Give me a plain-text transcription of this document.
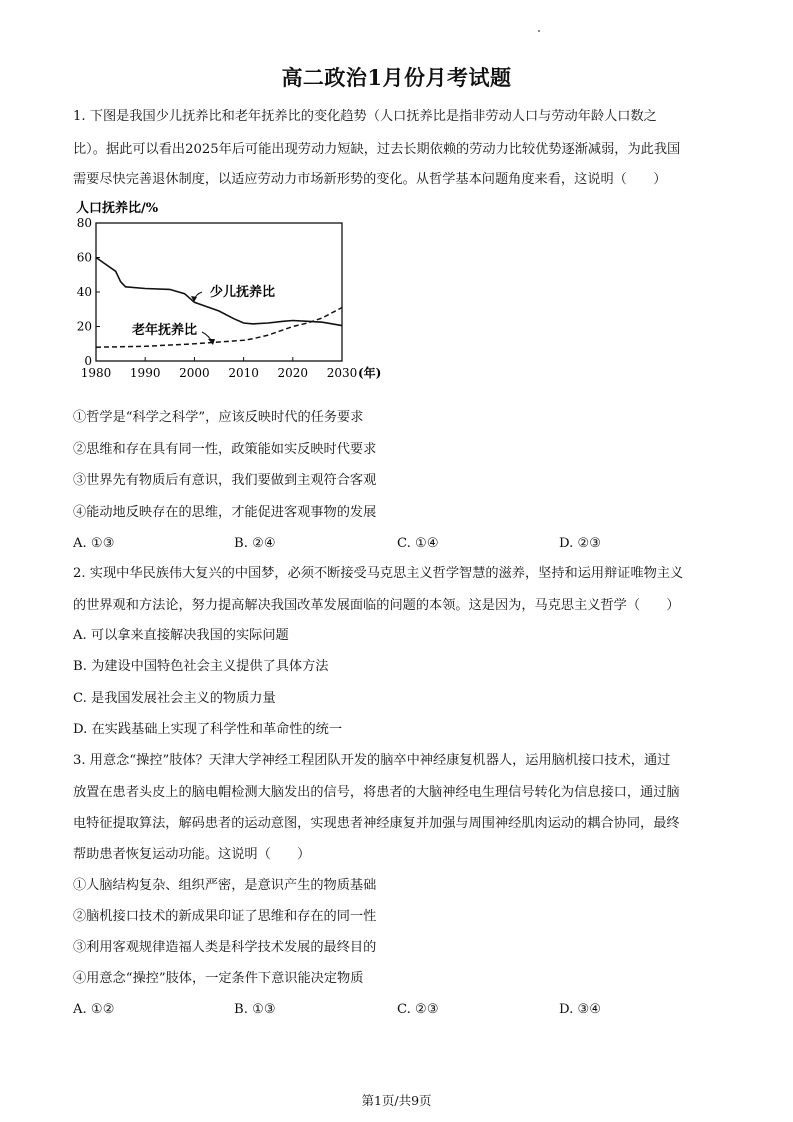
高二政治1月份月考试题
1. 下图是我国少儿抚养比和老年抚养比的变化趋势（人口抚养比是指非劳动人口与劳动年龄人口数之
比）。据此可以看出2025年后可能出现劳动力短缺，过去长期依赖的劳动力比较优势逐渐减弱，为此我国
需要尽快完善退休制度，以适应劳动力市场新形势的变化。从哲学基本问题角度来看，这说明（　　）
人口抚养比/%
0
20
40
60
80
1980 1990 2000 2010 2020 2030
少儿抚养比
老年抚养比
(年)
①哲学是“科学之科学”，应该反映时代的任务要求
②思维和存在具有同一性，政策能如实反映时代要求
③世界先有物质后有意识，我们要做到主观符合客观
④能动地反映存在的思维，才能促进客观事物的发展
A. ①③	B. ②④	C. ①④	D. ②③
2. 实现中华民族伟大复兴的中国梦，必须不断接受马克思主义哲学智慧的滋养，坚持和运用辩证唯物主义
的世界观和方法论，努力提高解决我国改革发展面临的问题的本领。这是因为，马克思主义哲学（　　）
A. 可以拿来直接解决我国的实际问题
B. 为建设中国特色社会主义提供了具体方法
C. 是我国发展社会主义的物质力量
D. 在实践基础上实现了科学性和革命性的统一
3. 用意念“操控”肢体？天津大学神经工程团队开发的脑卒中神经康复机器人，运用脑机接口技术，通过
放置在患者头皮上的脑电帽检测大脑发出的信号，将患者的大脑神经电生理信号转化为信息接口，通过脑
电特征提取算法，解码患者的运动意图，实现患者神经康复并加强与周围神经肌肉运动的耦合协同，最终
帮助患者恢复运动功能。这说明（　　）
①人脑结构复杂、组织严密，是意识产生的物质基础
②脑机接口技术的新成果印证了思维和存在的同一性
③利用客观规律造福人类是科学技术发展的最终目的
④用意念“操控”肢体，一定条件下意识能决定物质
A. ①②	B. ①③	C. ②③	D. ③④
第1页/共9页
